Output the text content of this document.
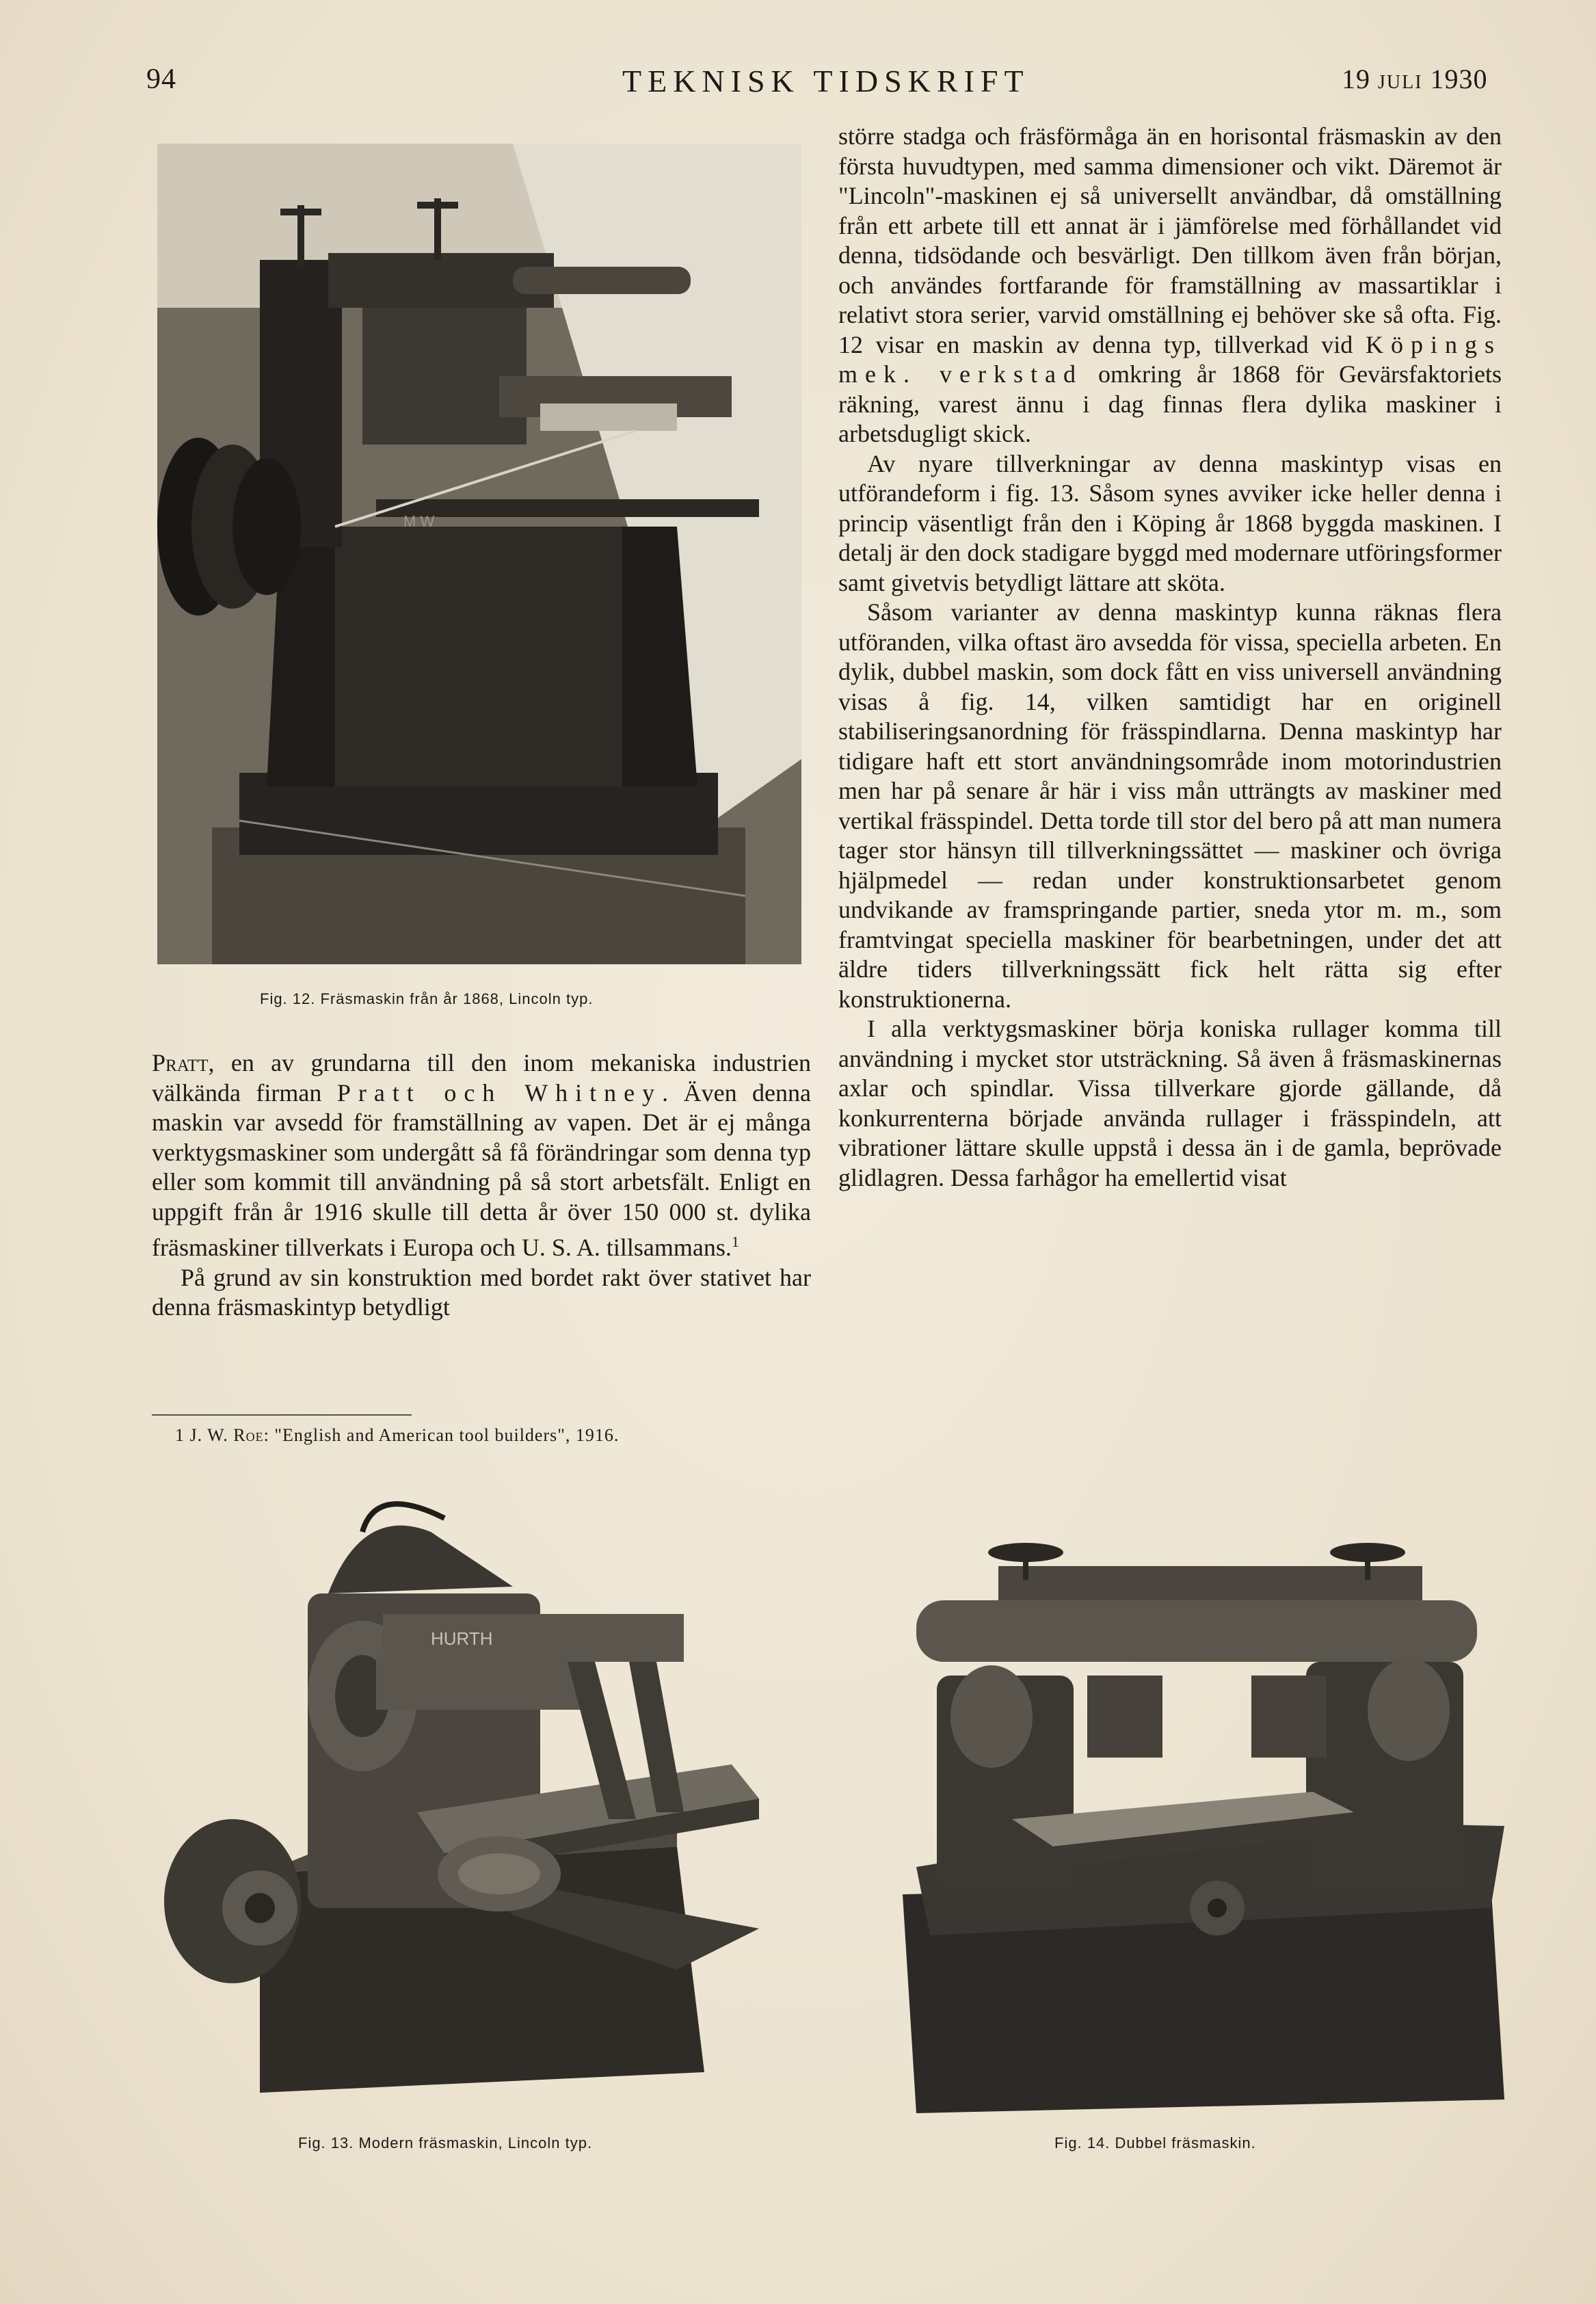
94	TEKNISK TIDSKRIFT	19 JULI 1930
M W
Fig. 12. Fräsmaskin från år 1868, Lincoln typ.

Pratt, en av grundarna till den inom mekaniska industrien välkända firman Pratt och Whitney. Även denna maskin var avsedd för framställning av vapen. Det är ej många verktygsmaskiner som undergått så få förändringar som denna typ eller som kommit till användning på så stort arbetsfält. Enligt en uppgift från år 1916 skulle till detta år över 150 000 st. dylika fräsmaskiner tillverkats i Europa och U. S. A. tillsammans.$^1$

På grund av sin konstruktion med bordet rakt över stativet har denna fräsmaskintyp betydligt

1 J. W. Roe: "English and American tool builders", 1916.

större stadga och fräsförmåga än en horisontal fräsmaskin av den första huvudtypen, med samma dimensioner och vikt. Däremot är "Lincoln"-maskinen ej så universellt användbar, då omställning från ett arbete till ett annat är i jämförelse med förhållandet vid denna, tidsödande och besvärligt. Den tillkom även från början, och användes fortfarande för framställning av massartiklar i relativt stora serier, varvid omställning ej behöver ske så ofta. Fig. 12 visar en maskin av denna typ, tillverkad vid Köpings mek. verkstad omkring år 1868 för Gevärsfaktoriets räkning, varest ännu i dag finnas flera dylika maskiner i arbetsdugligt skick.

Av nyare tillverkningar av denna maskintyp visas en utförandeform i fig. 13. Såsom synes avviker icke heller denna i princip väsentligt från den i Köping år 1868 byggda maskinen. I detalj är den dock stadigare byggd med modernare utföringsformer samt givetvis betydligt lättare att sköta.

Såsom varianter av denna maskintyp kunna räknas flera utföranden, vilka oftast äro avsedda för vissa, speciella arbeten. En dylik, dubbel maskin, som dock fått en viss universell användning visas å fig. 14, vilken samtidigt har en originell stabiliseringsanordning för frässpindlarna. Denna maskintyp har tidigare haft ett stort användningsområde inom motorindustrien men har på senare år här i viss mån utträngts av maskiner med vertikal frässpindel. Detta torde till stor del bero på att man numera tager stor hänsyn till tillverkningssättet — maskiner och övriga hjälpmedel — redan under konstruktionsarbetet genom undvikande av framspringande partier, sneda ytor m. m., som framtvingat speciella maskiner för bearbetningen, under det att äldre tiders tillverkningssätt fick helt rätta sig efter konstruktionerna.

I alla verktygsmaskiner börja koniska rullager komma till användning i mycket stor utsträckning. Så även å fräsmaskinernas axlar och spindlar. Vissa tillverkare gjorde gällande, då konkurrenterna började använda rullager i frässpindeln, att vibrationer lättare skulle uppstå i dessa än i de gamla, beprövade glidlagren. Dessa farhågor ha emellertid visat

HURTH
Fig. 13. Modern fräsmaskin, Lincoln typ.	Fig. 14. Dubbel fräsmaskin.
